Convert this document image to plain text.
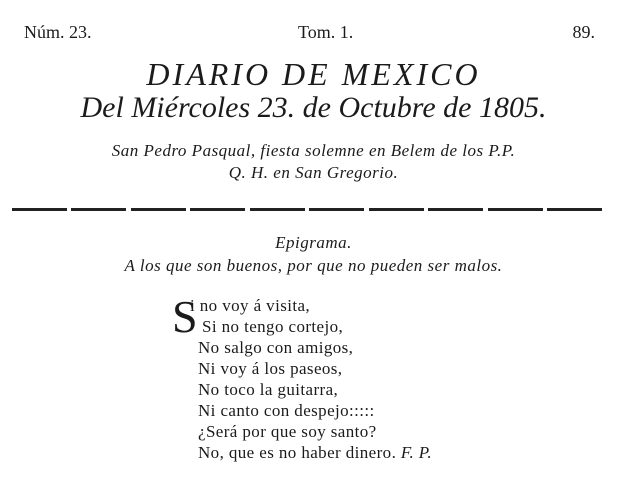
Núm. 23.	Tom. 1.	89.
DIARIO DE MEXICO
Del Miércoles 23. de Octubre de 1805.
San Pedro Pasqual, fiesta solemne en Belem de los P.P.
Q. H. en San Gregorio.
Epigrama.
A los que son buenos, por que no pueden ser malos.
S
i no voy á visita,
Si no tengo cortejo,
No salgo con amigos,
Ni voy á los paseos,
No toco la guitarra,
Ni canto con despejo:::::
¿Será por que soy santo?
No, que es no haber dinero. F. P.
